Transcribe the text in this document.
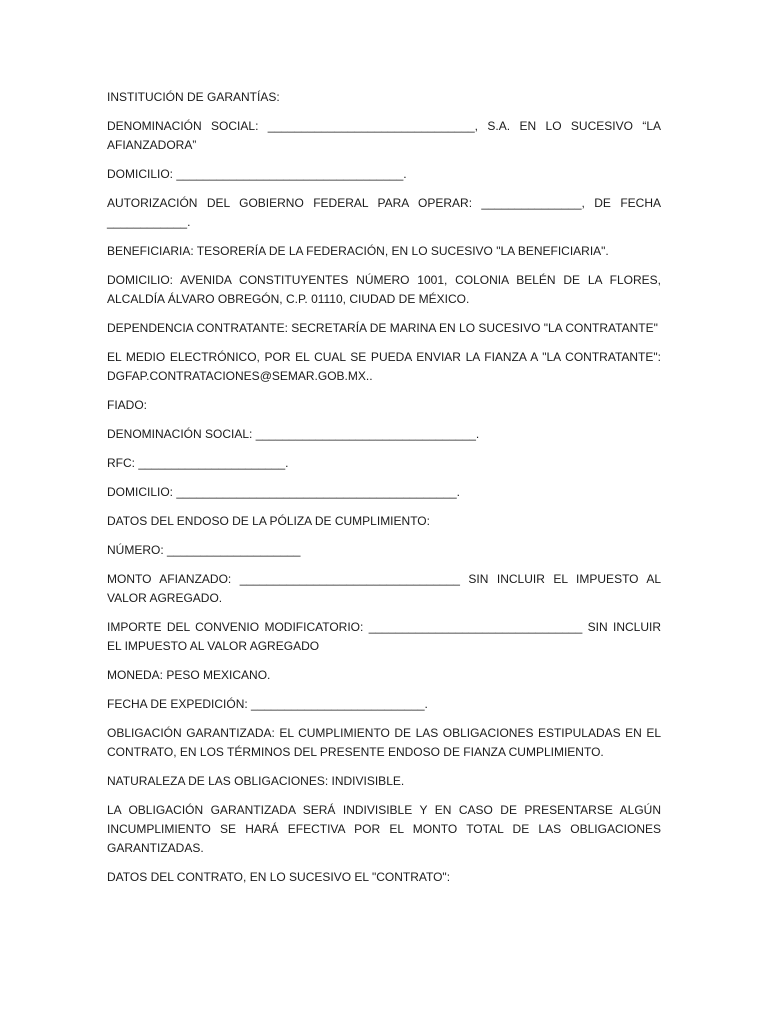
INSTITUCIÓN DE GARANTÍAS:

DENOMINACIÓN SOCIAL: _______________________________, S.A. EN LO SUCESIVO “LA AFIANZADORA”

DOMICILIO: __________________________________.

AUTORIZACIÓN DEL GOBIERNO FEDERAL PARA OPERAR: _______________, DE FECHA ____________.

BENEFICIARIA: TESORERÍA DE LA FEDERACIÓN, EN LO SUCESIVO "LA BENEFICIARIA".

DOMICILIO: AVENIDA CONSTITUYENTES NÚMERO 1001, COLONIA BELÉN DE LA FLORES, ALCALDÍA ÁLVARO OBREGÓN, C.P. 01110, CIUDAD DE MÉXICO.

DEPENDENCIA CONTRATANTE: SECRETARÍA DE MARINA EN LO SUCESIVO "LA CONTRATANTE"

EL MEDIO ELECTRÓNICO, POR EL CUAL SE PUEDA ENVIAR LA FIANZA A "LA CONTRATANTE": DGFAP.CONTRATACIONES@SEMAR.GOB.MX..

FIADO:

DENOMINACIÓN SOCIAL: _________________________________.

RFC: ______________________.

DOMICILIO: __________________________________________.

DATOS DEL ENDOSO DE LA PÓLIZA DE CUMPLIMIENTO:

NÚMERO: ____________________

MONTO AFIANZADO: _________________________________ SIN INCLUIR EL IMPUESTO AL VALOR AGREGADO.

IMPORTE DEL CONVENIO MODIFICATORIO: ________________________________ SIN INCLUIR EL IMPUESTO AL VALOR AGREGADO

MONEDA: PESO MEXICANO.

FECHA DE EXPEDICIÓN: __________________________.

OBLIGACIÓN GARANTIZADA: EL CUMPLIMIENTO DE LAS OBLIGACIONES ESTIPULADAS EN EL CONTRATO, EN LOS TÉRMINOS DEL PRESENTE ENDOSO DE FIANZA CUMPLIMIENTO.

NATURALEZA DE LAS OBLIGACIONES: INDIVISIBLE.

LA OBLIGACIÓN GARANTIZADA SERÁ INDIVISIBLE Y EN CASO DE PRESENTARSE ALGÚN INCUMPLIMIENTO SE HARÁ EFECTIVA POR EL MONTO TOTAL DE LAS OBLIGACIONES GARANTIZADAS.

DATOS DEL CONTRATO, EN LO SUCESIVO EL "CONTRATO":
